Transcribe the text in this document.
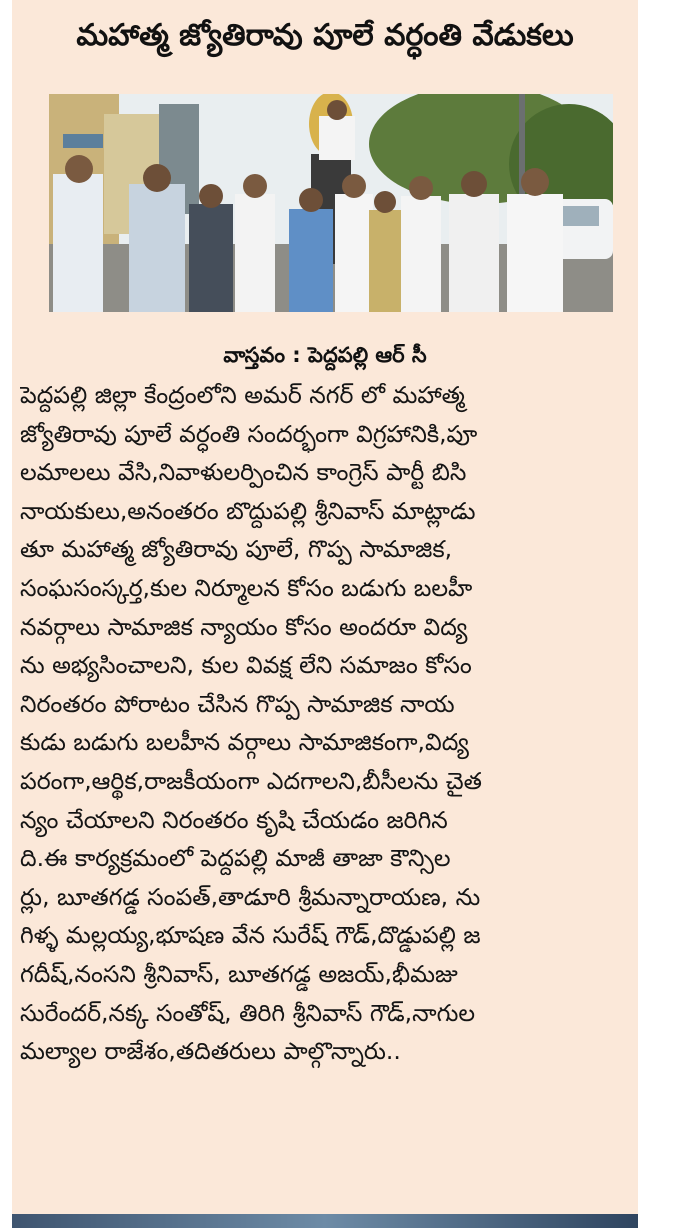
మహాత్మ జ్యోతిరావు పూలే వర్ధంతి వేడుకలు
వాస్తవం : పెద్దపల్లి ఆర్ సీ
పెద్దపల్లి జిల్లా కేంద్రంలోని అమర్ నగర్ లో మహాత్మ
జ్యోతిరావు పూలే వర్ధంతి సందర్భంగా విగ్రహానికి,పూ
లమాలలు వేసి,నివాళులర్పించిన కాంగ్రెస్ పార్టీ బిసి
నాయకులు,అనంతరం బొద్దుపల్లి శ్రీనివాస్ మాట్లాడు
తూ మహాత్మ జ్యోతిరావు పూలే, గొప్ప సామాజిక,
సంఘసంస్కర్త,కుల నిర్మూలన కోసం బడుగు బలహీ
నవర్గాలు సామాజిక న్యాయం కోసం అందరూ విద్య
ను అభ్యసించాలని, కుల వివక్ష లేని సమాజం కోసం
నిరంతరం పోరాటం చేసిన గొప్ప సామాజిక నాయ
కుడు బడుగు బలహీన వర్గాలు సామాజికంగా,విద్య
పరంగా,ఆర్థిక,రాజకీయంగా ఎదగాలని,బీసీలను చైత
న్యం చేయాలని నిరంతరం కృషి చేయడం జరిగిన
ది.ఈ కార్యక్రమంలో పెద్దపల్లి మాజీ తాజా కౌన్సిల
ర్లు, బూతగడ్డ సంపత్,తాడూరి శ్రీమన్నారాయణ, ను
గిళ్ళ మల్లయ్య,భూషణ వేన సురేష్ గౌడ్,దొడ్డుపల్లి జ
గదీష్,నంసని శ్రీనివాస్, బూతగడ్డ అజయ్,భీమజు
సురేందర్,నక్క సంతోష్, తిరిగి శ్రీనివాస్ గౌడ్,నాగుల
మల్యాల రాజేశం,తదితరులు పాల్గొన్నారు..
